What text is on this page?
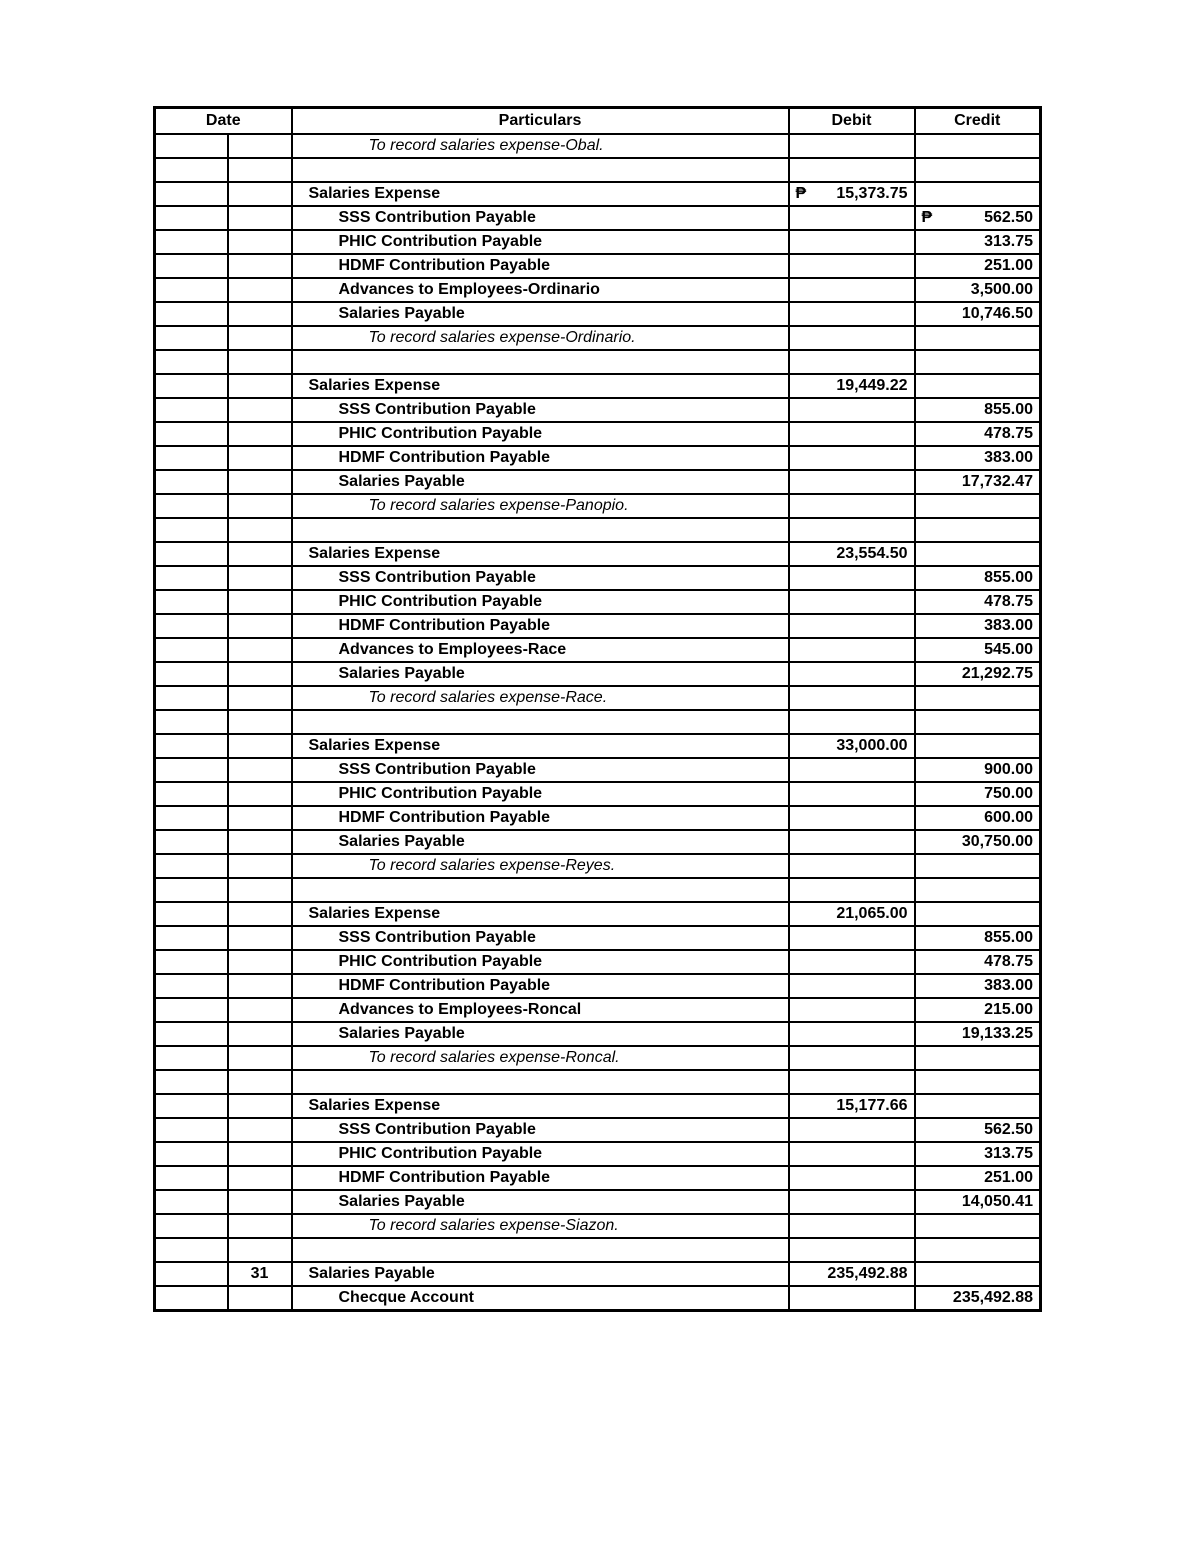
Date		Particulars	Debit	Credit

		To record salaries expense-Obal.		

		Salaries Expense	₱ 15,373.75	

		SSS Contribution Payable		₱ 562.50

		PHIC Contribution Payable		313.75

		HDMF Contribution Payable		251.00

		Advances to Employees-Ordinario		3,500.00

		Salaries Payable		10,746.50

		To record salaries expense-Ordinario.		

		Salaries Expense	19,449.22	

		SSS Contribution Payable		855.00

		PHIC Contribution Payable		478.75

		HDMF Contribution Payable		383.00

		Salaries Payable		17,732.47

		To record salaries expense-Panopio.		

		Salaries Expense	23,554.50	

		SSS Contribution Payable		855.00

		PHIC Contribution Payable		478.75

		HDMF Contribution Payable		383.00

		Advances to Employees-Race		545.00

		Salaries Payable		21,292.75

		To record salaries expense-Race.		

		Salaries Expense	33,000.00	

		SSS Contribution Payable		900.00

		PHIC Contribution Payable		750.00

		HDMF Contribution Payable		600.00

		Salaries Payable		30,750.00

		To record salaries expense-Reyes.		

		Salaries Expense	21,065.00	

		SSS Contribution Payable		855.00

		PHIC Contribution Payable		478.75

		HDMF Contribution Payable		383.00

		Advances to Employees-Roncal		215.00

		Salaries Payable		19,133.25

		To record salaries expense-Roncal.		

		Salaries Expense	15,177.66	

		SSS Contribution Payable		562.50

		PHIC Contribution Payable		313.75

		HDMF Contribution Payable		251.00

		Salaries Payable		14,050.41

		To record salaries expense-Siazon.		

	31	Salaries Payable	235,492.88	

		Checque Account		235,492.88
